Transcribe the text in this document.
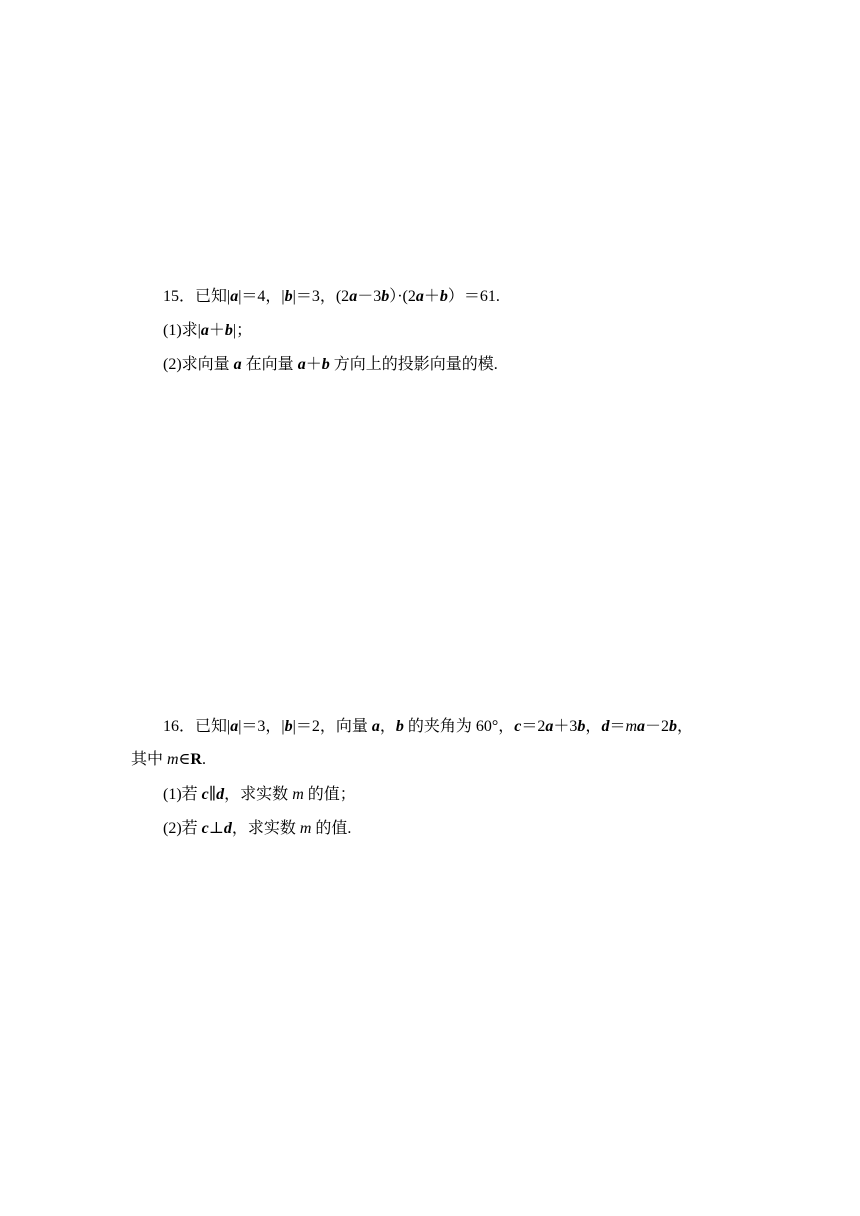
15．已知|a|＝4，|b|＝3，(2a－3b）·(2a＋b）＝61.
(1)求|a＋b|；
(2)求向量 a 在向量 a＋b 方向上的投影向量的模.
16．已知|a|＝3，|b|＝2，向量 a，b 的夹角为 60°，c＝2a＋3b，d＝ma－2b，
其中 m∈R.
(1)若 c∥d，求实数 m 的值；
(2)若 c⊥d，求实数 m 的值.
